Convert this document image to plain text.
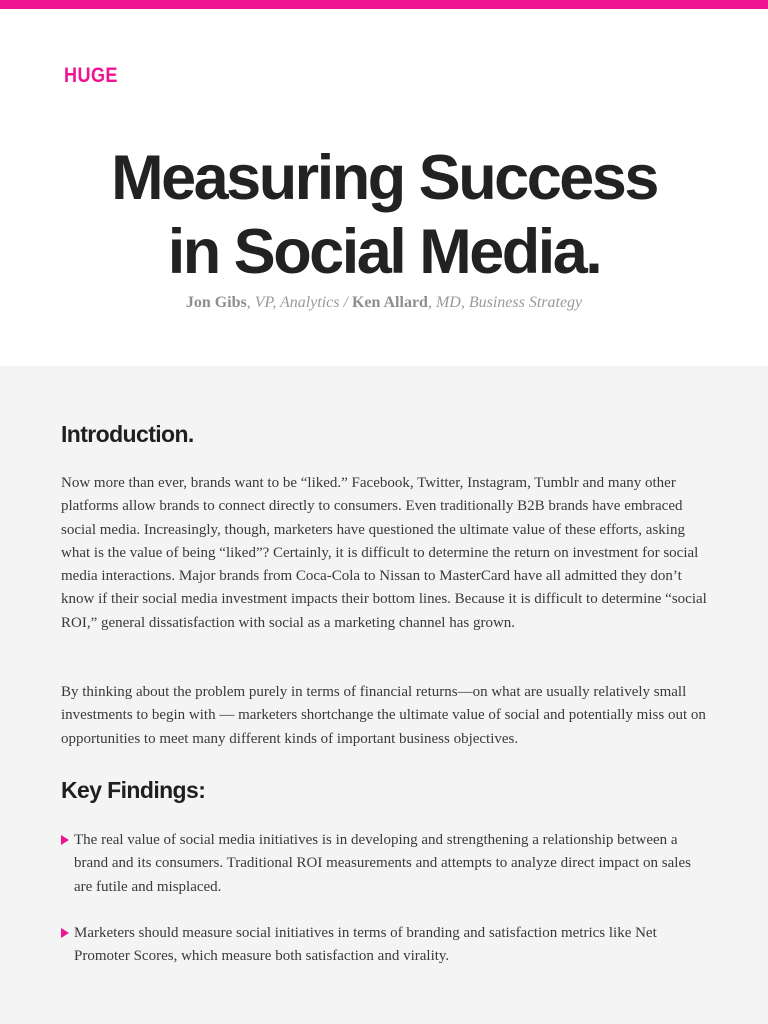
HUGE
Measuring Success
in Social Media.

Jon Gibs, VP, Analytics / Ken Allard, MD, Business Strategy

Introduction.

Now more than ever, brands want to be “liked.” Facebook, Twitter, Instagram, Tumblr and many other platforms allow brands to connect directly to consumers. Even traditionally B2B brands have embraced social media. Increasingly, though, marketers have questioned the ultimate value of these efforts, asking what is the value of being “liked”? Certainly, it is difficult to determine the return on investment for social media interactions. Major brands from Coca-Cola to Nissan to MasterCard have all admitted they don’t know if their social media investment impacts their bottom lines. Because it is difficult to determine “social ROI,” general dissatisfaction with social as a marketing channel has grown.

By thinking about the problem purely in terms of financial returns—on what are usually relatively small investments to begin with — marketers shortchange the ultimate value of social and potentially miss out on opportunities to meet many different kinds of important business objectives.

Key Findings:

The real value of social media initiatives is in developing and strengthening a relationship between a brand and its consumers. Traditional ROI measurements and attempts to analyze direct impact on sales are futile and misplaced.

Marketers should measure social initiatives in terms of branding and satisfaction metrics like Net Promoter Scores, which measure both satisfaction and virality.
